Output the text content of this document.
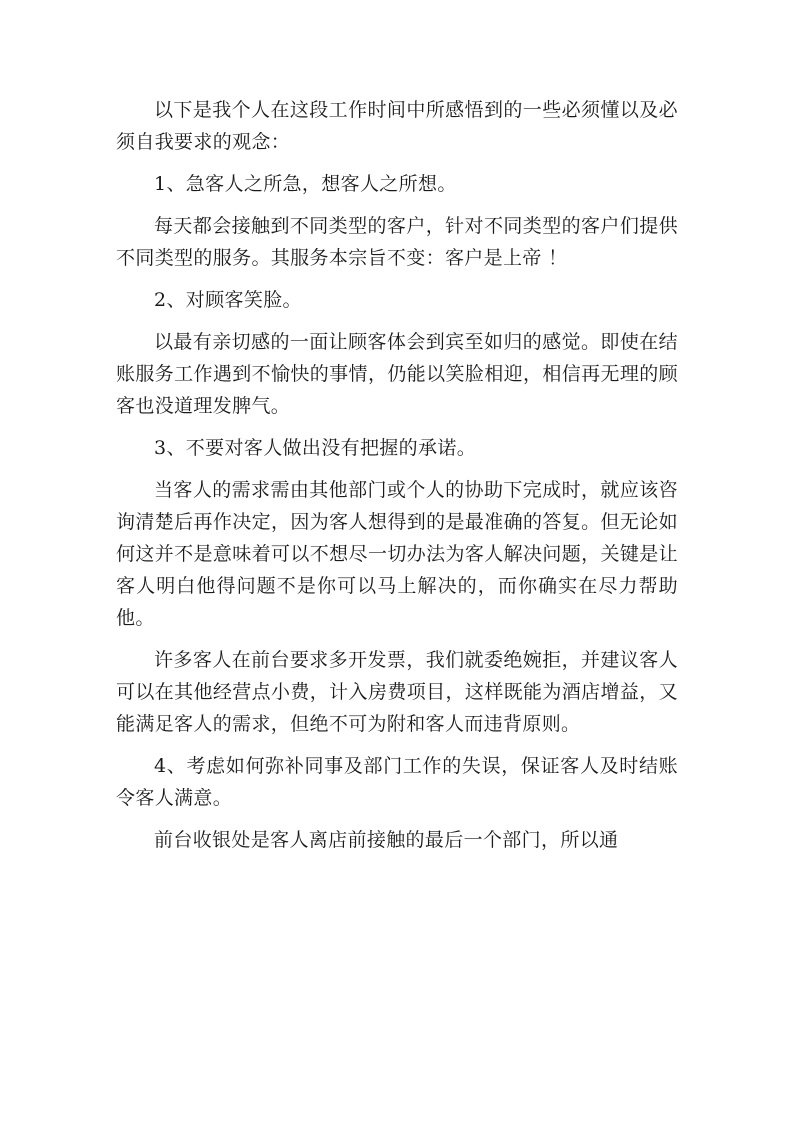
以下是我个人在这段工作时间中所感悟到的一些必须懂以及必须自我要求的观念：

1、急客人之所急，想客人之所想。

每天都会接触到不同类型的客户，针对不同类型的客户们提供不同类型的服务。其服务本宗旨不变：客户是上帝 ！

2、对顾客笑脸。

以最有亲切感的一面让顾客体会到宾至如归的感觉。即使在结账服务工作遇到不愉快的事情，仍能以笑脸相迎，相信再无理的顾客也没道理发脾气。

3、不要对客人做出没有把握的承诺。

当客人的需求需由其他部门或个人的协助下完成时，就应该咨询清楚后再作决定，因为客人想得到的是最准确的答复。但无论如何这并不是意味着可以不想尽一切办法为客人解决问题，关键是让客人明白他得问题不是你可以马上解决的，而你确实在尽力帮助他。

许多客人在前台要求多开发票，我们就委绝婉拒，并建议客人可以在其他经营点小费，计入房费项目，这样既能为酒店增益，又能满足客人的需求，但绝不可为附和客人而违背原则。

4、考虑如何弥补同事及部门工作的失误，保证客人及时结账令客人满意。

前台收银处是客人离店前接触的最后一个部门，所以通
